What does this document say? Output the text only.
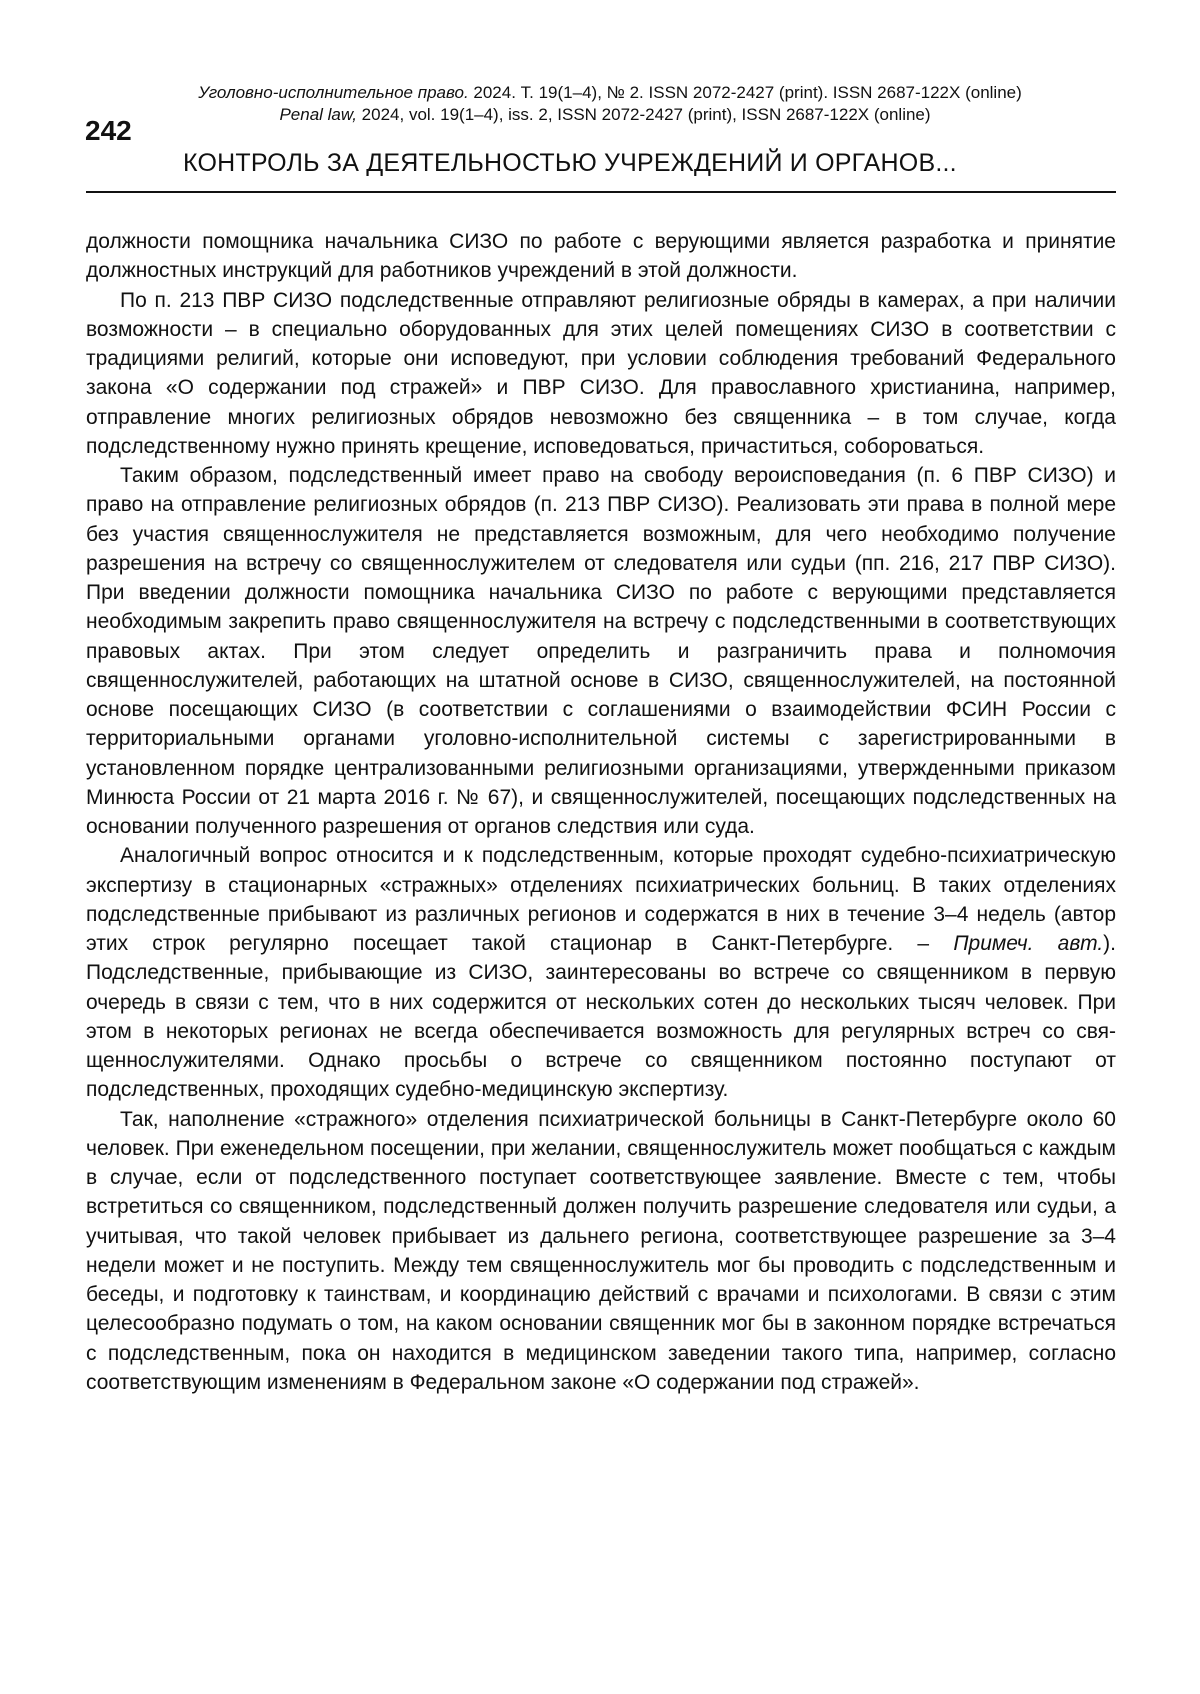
Уголовно-исполнительное право. 2024. Т. 19(1–4), № 2. ISSN 2072-2427 (print). ISSN 2687-122X (online)
Penal law, 2024, vol. 19(1–4), iss. 2, ISSN 2072-2427 (print), ISSN 2687-122X (online)
242
КОНТРОЛЬ ЗА ДЕЯТЕЛЬНОСТЬЮ УЧРЕЖДЕНИЙ И ОРГАНОВ...

должности помощника начальника СИЗО по работе с верующими является разработка и принятие должностных инструкций для работников учреждений в этой должности.

По п. 213 ПВР СИЗО подследственные отправляют религиозные обряды в камерах, а при наличии возможности – в специально оборудованных для этих целей помещениях СИЗО в соответствии с традициями религий, которые они исповедуют, при условии соблюдения требований Федерального закона «О содержании под стражей» и ПВР СИЗО. Для православного христианина, например, отправление многих религиозных обрядов невозможно без священника – в том случае, когда подследственному нужно принять крещение, исповедоваться, причаститься, собороваться.

Таким образом, подследственный имеет право на свободу вероисповедания (п. 6 ПВР СИЗО) и право на отправление религиозных обрядов (п. 213 ПВР СИЗО). Реализовать эти права в полной мере без участия священнослужителя не представляется возможным, для чего необходимо получение разрешения на встречу со священнослужителем от следователя или судьи (пп. 216, 217 ПВР СИЗО). При введении должности помощника начальника СИЗО по работе с верующими представляется необходимым закрепить право священнослужителя на встречу с подследственными в соответствующих правовых актах. При этом следует определить и разграничить права и полномочия священнослужителей, работающих на штатной основе в СИЗО, священнослужителей, на постоянной основе посещающих СИЗО (в соответствии с соглашениями о взаимодействии ФСИН России с территориальными органами уголовно-исполнительной системы с зарегистрированными в установленном порядке централизованными религиозными организациями, утвержденными приказом Минюста России от 21 марта 2016 г. № 67), и священнослужителей, посещающих подследственных на основании полученного разрешения от органов следствия или суда.

Аналогичный вопрос относится и к подследственным, которые проходят судебно-психиатрическую экспертизу в стационарных «стражных» отделениях психиатрических больниц. В таких отделениях подследственные прибывают из различных регионов и содержатся в них в течение 3–4 недель (автор этих строк регулярно посещает такой стационар в Санкт-Петербурге. – Примеч. авт.). Подследственные, прибывающие из СИЗО, заинтересованы во встрече со священником в первую очередь в связи с тем, что в них содержится от нескольких сотен до нескольких тысяч человек. При этом в некоторых регионах не всегда обеспечивается возможность для регулярных встреч со священнослужителями. Однако просьбы о встрече со священником постоянно поступают от подследственных, проходящих судебно-медицинскую экспертизу.

Так, наполнение «стражного» отделения психиатрической больницы в Санкт-Петербурге около 60 человек. При еженедельном посещении, при желании, священнослужитель может пообщаться с каждым в случае, если от подследственного поступает соответствующее заявление. Вместе с тем, чтобы встретиться со священником, подследственный должен получить разрешение следователя или судьи, а учитывая, что такой человек прибывает из дальнего региона, соответствующее разрешение за 3–4 недели может и не поступить. Между тем священнослужитель мог бы проводить с подследственным и беседы, и подготовку к таинствам, и координацию действий с врачами и психологами. В связи с этим целесообразно подумать о том, на каком основании священник мог бы в законном порядке встречаться с подследственным, пока он находится в медицинском заведении такого типа, например, согласно соответствующим изменениям в Федеральном законе «О содержании под стражей».
